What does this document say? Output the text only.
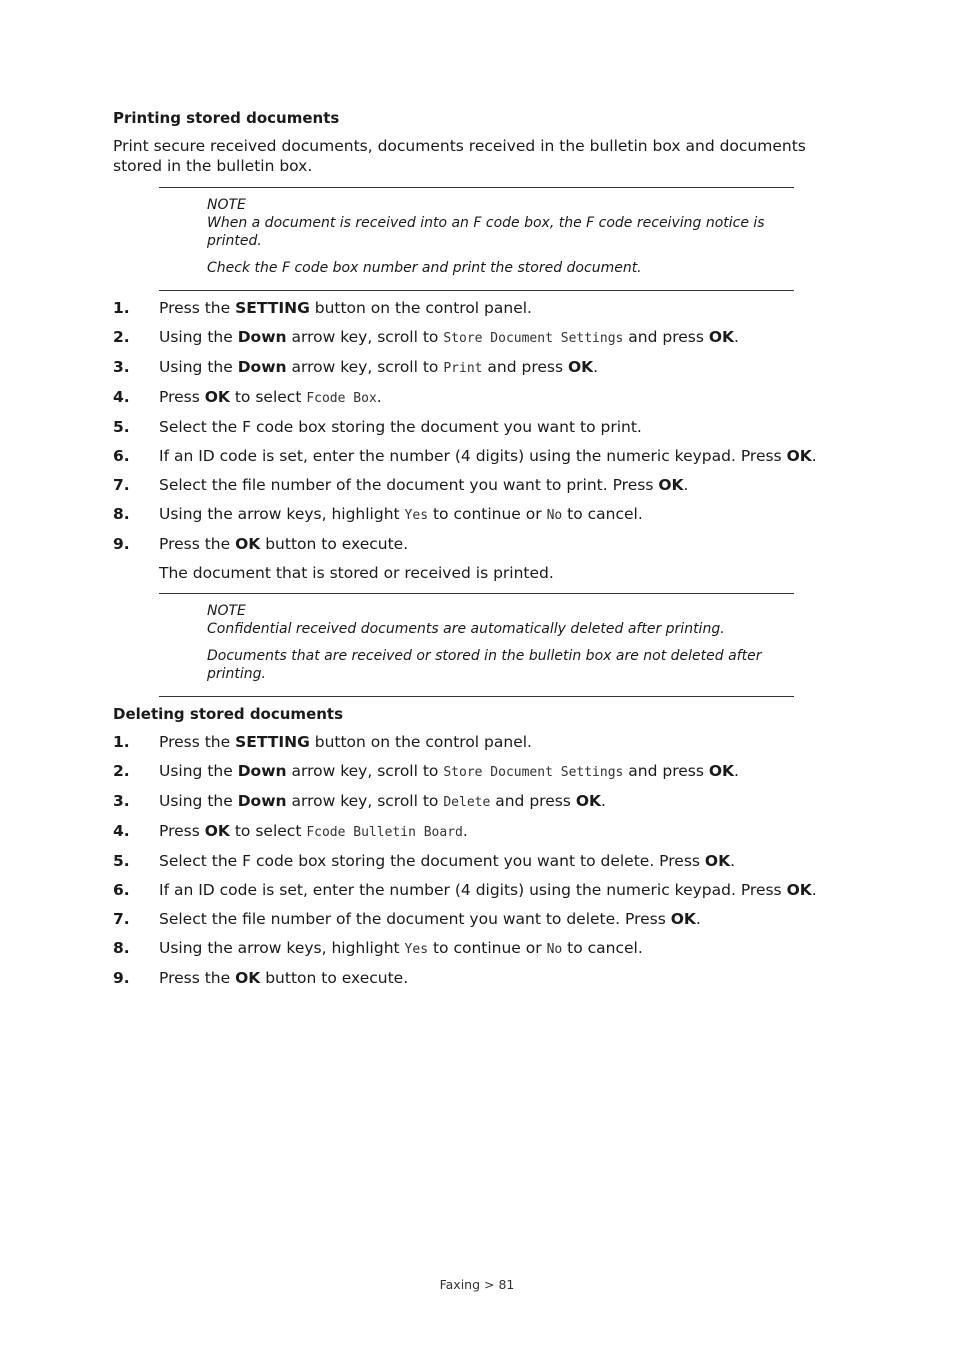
Printing stored documents

Print secure received documents, documents received in the bulletin box and documents stored in the bulletin box.

NOTE

When a document is received into an F code box, the F code receiving notice is printed.

Check the F code box number and print the stored document.

1. Press the SETTING button on the control panel.
2. Using the Down arrow key, scroll to Store Document Settings and press OK.
3. Using the Down arrow key, scroll to Print and press OK.
4. Press OK to select Fcode Box.
5. Select the F code box storing the document you want to print.
6. If an ID code is set, enter the number (4 digits) using the numeric keypad. Press OK.
7. Select the file number of the document you want to print. Press OK.
8. Using the arrow keys, highlight Yes to continue or No to cancel.
9. Press the OK button to execute.

The document that is stored or received is printed.

NOTE

Confidential received documents are automatically deleted after printing.

Documents that are received or stored in the bulletin box are not deleted after printing.

Deleting stored documents
1. Press the SETTING button on the control panel.
2. Using the Down arrow key, scroll to Store Document Settings and press OK.
3. Using the Down arrow key, scroll to Delete and press OK.
4. Press OK to select Fcode Bulletin Board.
5. Select the F code box storing the document you want to delete. Press OK.
6. If an ID code is set, enter the number (4 digits) using the numeric keypad. Press OK.
7. Select the file number of the document you want to delete. Press OK.
8. Using the arrow keys, highlight Yes to continue or No to cancel.
9. Press the OK button to execute.
Faxing > 81
